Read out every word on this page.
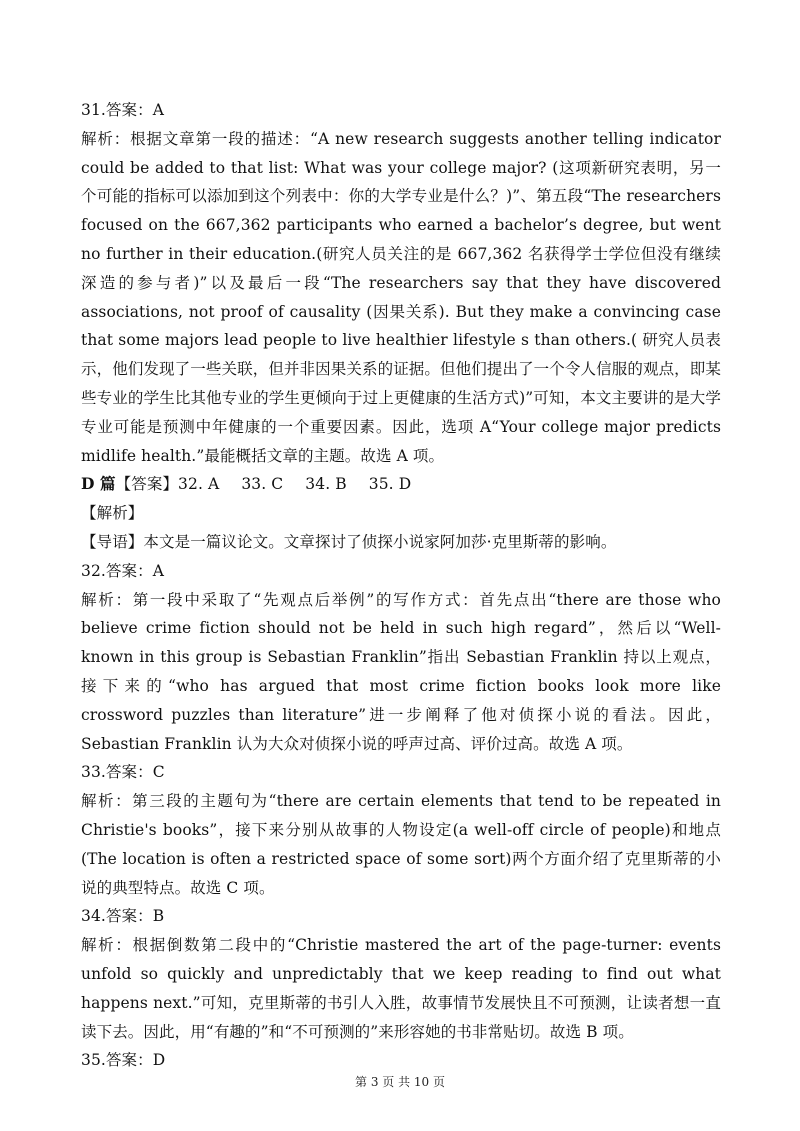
31.答案：A

解析：根据文章第一段的描述：“A new research suggests another telling indicator could be added to that list: What was your college major? (这项新研究表明，另一个可能的指标可以添加到这个列表中：你的大学专业是什么？)”、第五段“The researchers focused on the 667,362 participants who earned a bachelor’s degree, but went no further in their education.(研究人员关注的是 667,362 名获得学士学位但没有继续深造的参与者)”以及最后一段“The researchers say that they have discovered associations, not proof of causality (因果关系). But they make a convincing case that some majors lead people to live healthier lifestyle s than others.( 研究人员表示，他们发现了一些关联，但并非因果关系的证据。但他们提出了一个令人信服的观点，即某些专业的学生比其他专业的学生更倾向于过上更健康的生活方式)”可知，本文主要讲的是大学专业可能是预测中年健康的一个重要因素。因此，选项 A“Your college major predicts midlife health.”最能概括文章的主题。故选 A 项。

D 篇【答案】32. A 33. C 34. B 35. D

【解析】

【导语】本文是一篇议论文。文章探讨了侦探小说家阿加莎·克里斯蒂的影响。

32.答案：A

解析：第一段中采取了“先观点后举例”的写作方式：首先点出“there are those who believe crime fiction should not be held in such high regard”，然后以“Well-known in this group is Sebastian Franklin”指出 Sebastian Franklin 持以上观点，接下来的“who has argued that most crime fiction books look more like crossword puzzles than literature”进一步阐释了他对侦探小说的看法。因此，Sebastian Franklin 认为大众对侦探小说的呼声过高、评价过高。故选 A 项。

33.答案：C

解析：第三段的主题句为“there are certain elements that tend to be repeated in Christie's books”，接下来分别从故事的人物设定(a well-off circle of people)和地点(The location is often a restricted space of some sort)两个方面介绍了克里斯蒂的小说的典型特点。故选 C 项。

34.答案：B

解析：根据倒数第二段中的“Christie mastered the art of the page-turner: events unfold so quickly and unpredictably that we keep reading to find out what happens next.”可知，克里斯蒂的书引人入胜，故事情节发展快且不可预测，让读者想一直读下去。因此，用“有趣的”和“不可预测的”来形容她的书非常贴切。故选 B 项。

35.答案：D

第 3 页 共 10 页
